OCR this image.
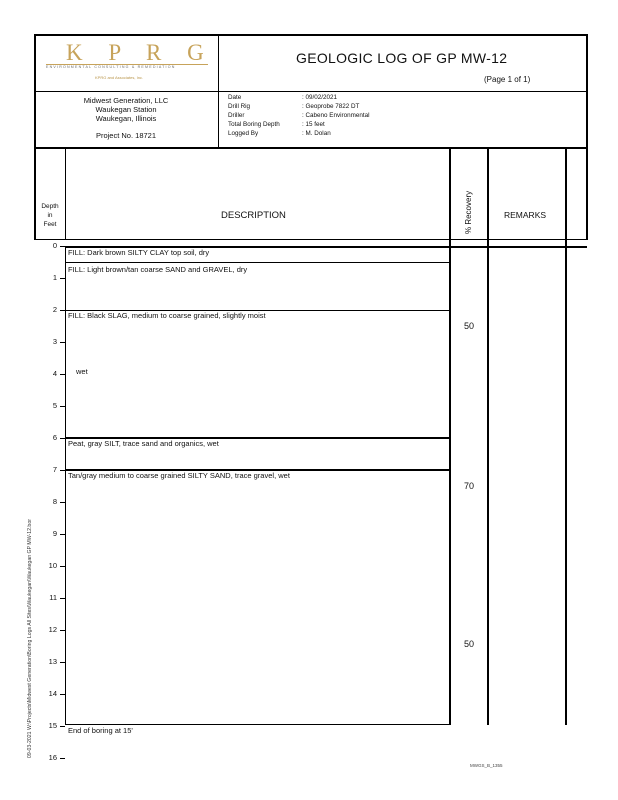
K P R G
ENVIRONMENTAL CONSULTING & REMEDIATION
KPRG and Associates, Inc.
GEOLOGIC LOG OF GP MW-12
(Page 1 of 1)
Midwest Generation, LLC
Waukegan Station
Waukegan, Illinois
Project No. 18721
Date
Drill Rig
Driller
Total Boring Depth
Logged By
: 09/02/2021
: Geoprobe 7822 DT
: Cabeno Environmental
: 15 feet
: M. Dolan
Depth
in
Feet
DESCRIPTION	% Recovery	REMARKS
FILL: Dark brown SILTY CLAY top soil, dry
FILL: Light brown/tan coarse SAND and GRAVEL, dry
FILL: Black SLAG, medium to coarse grained, slightly moist
wet
Peat, gray SILT, trace sand and organics, wet
Tan/gray medium to coarse grained SILTY SAND, trace gravel, wet
End of boring at 15'
50
70
50
0
1
2
3
4
5
6
7
8
9
10
11
12
13
14
15
16
09-03-2021 W:\Projects\Midwest Generation\Boring Logs All Sites\Waukegan\Waukegan GP MW-12.bor
MWGS_B_1355
